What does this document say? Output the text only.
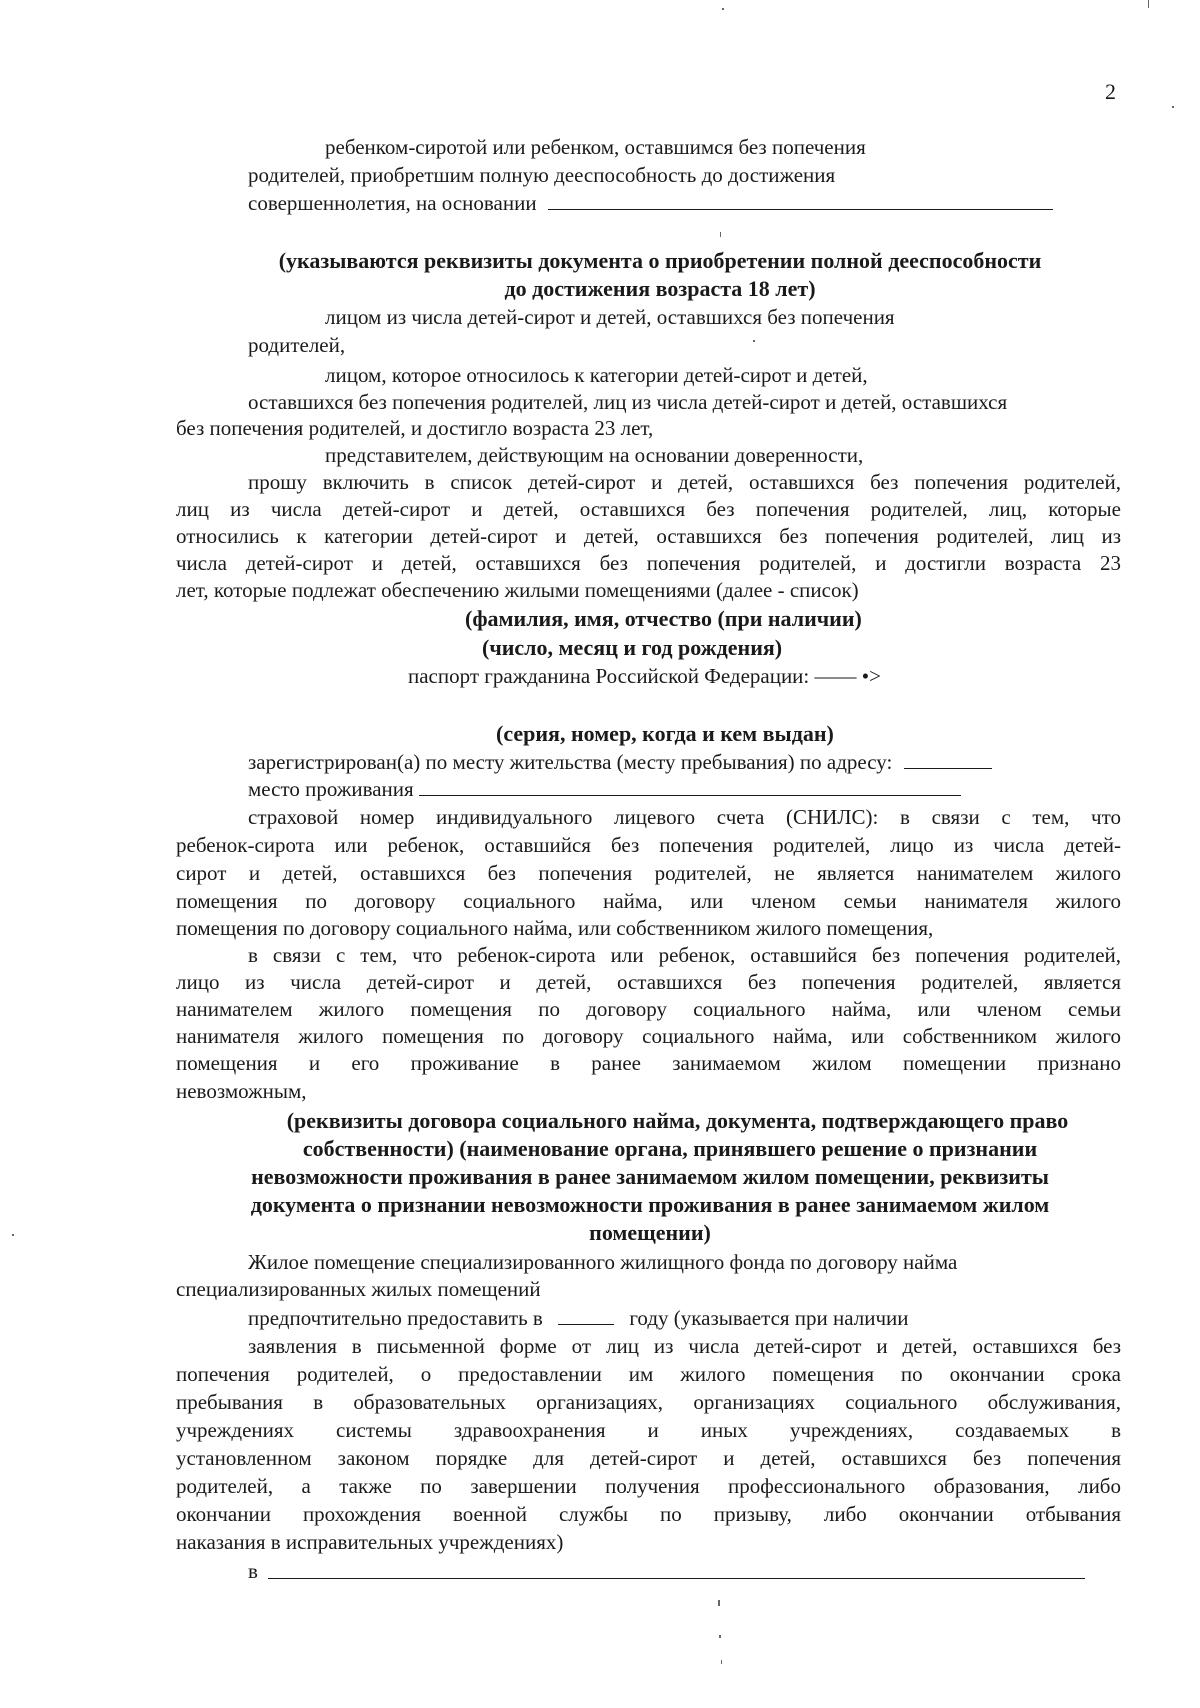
2
ребенком-сиротой или ребенком, оставшимся без попечения
родителей, приобретшим полную дееспособность до достижения
совершеннолетия, на основании
(указываются реквизиты документа о приобретении полной дееспособности
до достижения возраста 18 лет)
лицом из числа детей-сирот и детей, оставшихся без попечения
родителей,
лицом, которое относилось к категории детей-сирот и детей,
оставшихся без попечения родителей, лиц из числа детей-сирот и детей, оставшихся
без попечения родителей, и достигло возраста 23 лет,
представителем, действующим на основании доверенности,
прошу включить в список детей-сирот и детей, оставшихся без попечения родителей,
лиц из числа детей-сирот и детей, оставшихся без попечения родителей, лиц, которые
относились к категории детей-сирот и детей, оставшихся без попечения родителей, лиц из
числа детей-сирот и детей, оставшихся без попечения родителей, и достигли возраста 23
лет, которые подлежат обеспечению жилыми помещениями (далее - список)
(фамилия, имя, отчество (при наличии)
(число, месяц и год рождения)
паспорт гражданина Российской Федерации: —— •>
(серия, номер, когда и кем выдан)
зарегистрирован(а) по месту жительства (месту пребывания) по адресу:
место проживания
страховой номер индивидуального лицевого счета (СНИЛС): в связи с тем, что
ребенок-сирота или ребенок, оставшийся без попечения родителей, лицо из числа детей-
сирот и детей, оставшихся без попечения родителей, не является нанимателем жилого
помещения по договору социального найма, или членом семьи нанимателя жилого
помещения по договору социального найма, или собственником жилого помещения,
в связи с тем, что ребенок-сирота или ребенок, оставшийся без попечения родителей,
лицо из числа детей-сирот и детей, оставшихся без попечения родителей, является
нанимателем жилого помещения по договору социального найма, или членом семьи
нанимателя жилого помещения по договору социального найма, или собственником жилого
помещения и его проживание в ранее занимаемом жилом помещении признано
невозможным,
(реквизиты договора социального найма, документа, подтверждающего право
собственности) (наименование органа, принявшего решение о признании
невозможности проживания в ранее занимаемом жилом помещении, реквизиты
документа о признании невозможности проживания в ранее занимаемом жилом
помещении)
Жилое помещение специализированного жилищного фонда по договору найма
специализированных жилых помещений
предпочтительно предоставить в	году (указывается при наличии
заявления в письменной форме от лиц из числа детей-сирот и детей, оставшихся без
попечения родителей, о предоставлении им жилого помещения по окончании срока
пребывания в образовательных организациях, организациях социального обслуживания,
учреждениях системы здравоохранения и иных учреждениях, создаваемых в
установленном законом порядке для детей-сирот и детей, оставшихся без попечения
родителей, а также по завершении получения профессионального образования, либо
окончании прохождения военной службы по призыву, либо окончании отбывания
наказания в исправительных учреждениях)
в
